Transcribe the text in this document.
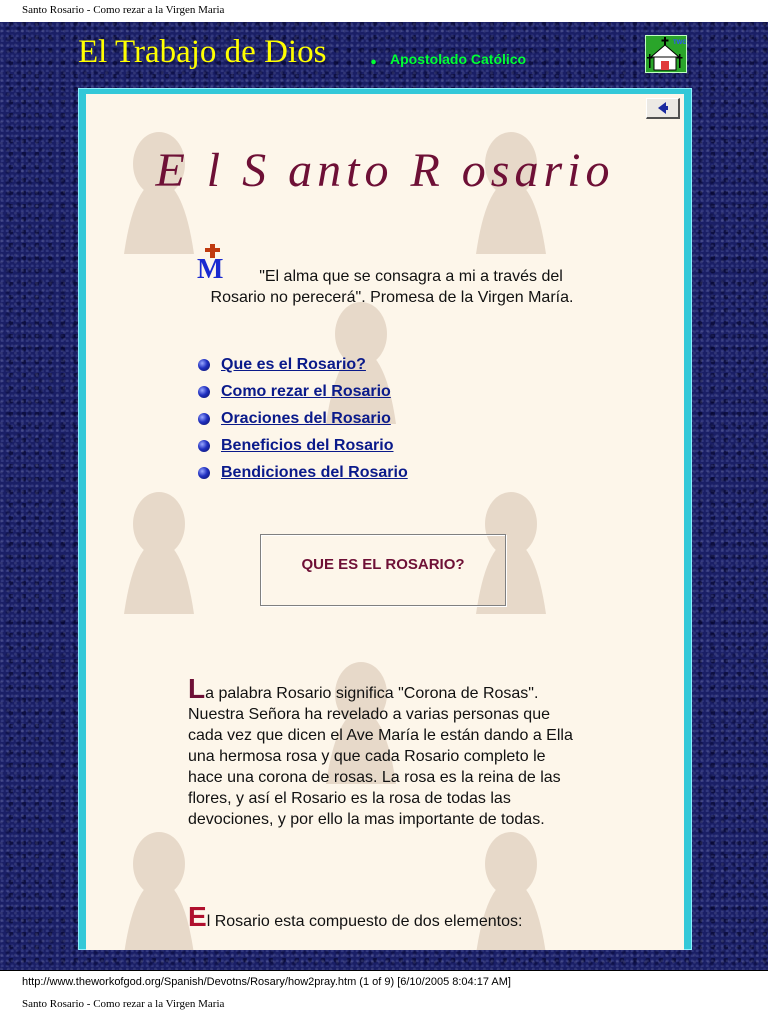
Santo Rosario - Como rezar a la Virgen Maria
El Trabajo de Dios . Apostolado Católico
TWG
E l S anto R osario
M	"El alma que se consagra a mi a través del Rosario no perecerá". Promesa de la Virgen María.
Que es el Rosario?
Como rezar el Rosario
Oraciones del Rosario
Beneficios del Rosario
Bendiciones del Rosario
QUE ES EL ROSARIO?
La palabra Rosario significa "Corona de Rosas". Nuestra Señora ha revelado a varias personas que cada vez que dicen el Ave María le están dando a Ella una hermosa rosa y que cada Rosario completo le hace una corona de rosas. La rosa es la reina de las flores, y así el Rosario es la rosa de todas las devociones, y por ello la mas importante de todas.
El Rosario esta compuesto de dos elementos:
http://www.theworkofgod.org/Spanish/Devotns/Rosary/how2pray.htm (1 of 9) [6/10/2005 8:04:17 AM]
Santo Rosario - Como rezar a la Virgen Maria
